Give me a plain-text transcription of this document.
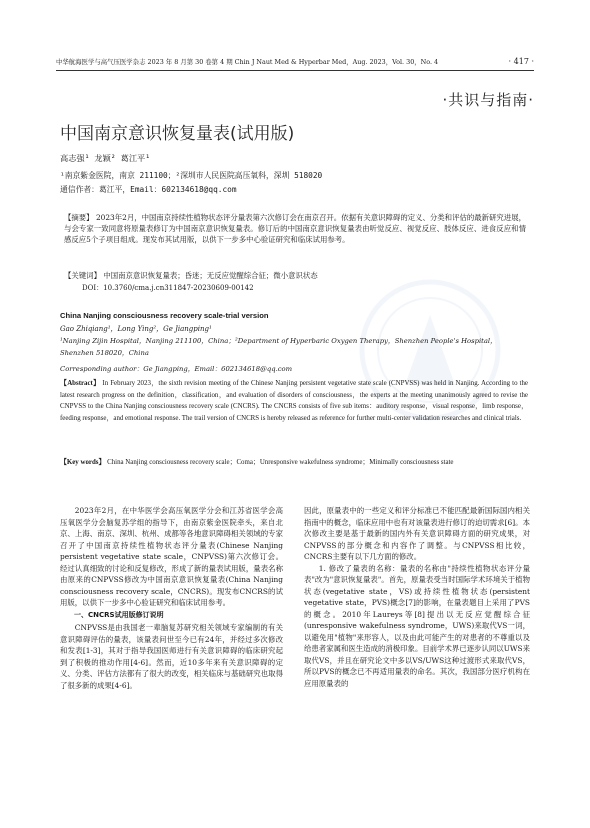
中华航海医学与高气压医学杂志 2023 年 8 月第 30 卷第 4 期 Chin J Naut Med & Hyperbar Med，Aug. 2023，Vol. 30，No. 4	· 417 ·
·共识与指南·
中国南京意识恢复量表(试用版)
高志强¹ 龙颖² 葛江平¹
¹南京紫金医院，南京 211100；²深圳市人民医院高压氧科，深圳 518020
通信作者：葛江平，Email：602134618@qq.com
【摘要】 2023年2月，中国南京持续性植物状态评分量表第六次修订会在南京召开。依据有关意识障碍的定义、分类和评估的最新研究进展，与会专家一致同意将原量表修订为中国南京意识恢复量表。修订后的中国南京意识恢复量表由听觉反应、视觉反应、肢体反应、进食反应和情感反应5个子项目组成。现发布其试用版，以供下一步多中心验证研究和临床试用参考。
【关键词】 中国南京意识恢复量表；昏迷；无反应觉醒综合征；微小意识状态
DOI：10.3760/cma.j.cn311847-20230609-00142
China Nanjing consciousness recovery scale-trial version
Gao Zhiqiang¹，Long Ying²，Ge Jiangping¹
¹Nanjing Zijin Hospital，Nanjing 211100，China；²Department of Hyperbaric Oxygen Therapy，Shenzhen People's Hospital，Shenzhen 518020，China
Corresponding author：Ge Jiangping，Email：602134618@qq.com
【Abstract】 In February 2023，the sixth revision meeting of the Chinese Nanjing persistent vegetative state scale (CNPVSS) was held in Nanjing. According to the latest research progress on the definition，classification，and evaluation of disorders of consciousness，the experts at the meeting unanimously agreed to revise the CNPVSS to the China Nanjing consciousness recovery scale (CNCRS). The CNCRS consists of five sub items：auditory response，visual response，limb response，feeding response，and emotional response. The trail version of CNCRS is hereby released as reference for further multi-center validation researches and clinical trials.
【Key words】 China Nanjing consciousness recovery scale；Coma；Unresponsive wakefulness syndrome；Minimally consciousness state

2023年2月，在中华医学会高压氧医学分会和江苏省医学会高压氧医学分会脑复苏学组的指导下，由南京紫金医院牵头，来自北京、上海、南京、深圳、杭州、成都等各地意识障碍相关领域的专家召开了中国南京持续性植物状态评分量表(Chinese Nanjing persistent vegetative state scale，CNPVSS)第六次修订会。经过认真细致的讨论和反复修改，形成了新的量表试用版，量表名称由原来的CNPVSS修改为中国南京意识恢复量表(China Nanjing consciousness recovery scale，CNCRS)。现发布CNCRS的试用版，以供下一步多中心验证研究和临床试用参考。

一、CNCRS试用版修订说明

CNPVSS是由我国老一辈脑复苏研究相关领域专家编制的有关意识障碍评估的量表，该量表问世至今已有24年，并经过多次修改和发表[1-3]，其对于指导我国医师进行有关意识障碍的临床研究起到了积极的推动作用[4-6]。然而，近10多年来有关意识障碍的定义、分类、评估方法都有了很大的改变，相关临床与基础研究也取得了很多新的成果[4-6]。

因此，原量表中的一些定义和评分标准已不能匹配最新国际国内相关指南中的概念，临床应用中也有对该量表进行修订的迫切需求[6]。本次修改主要是基于最新的国内外有关意识障碍方面的研究成果，对CNPVSS的部分概念和内容作了调整。与CNPVSS相比较，CNCRS主要有以下几方面的修改。

1. 修改了量表的名称：量表的名称由"持续性植物状态评分量表"改为"意识恢复量表"。首先，原量表受当时国际学术环境关于植物状态(vegetative state，VS)或持续性植物状态(persistent vegetative state，PVS)概念[7]的影响，在量表题目上采用了PVS的概念。2010年Laureys等[8]提出以无反应觉醒综合征(unresponsive wakefulness syndrome，UWS)来取代VS一词，以避免用"植物"来形容人，以及由此可能产生的对患者的不尊重以及给患者家属和医生造成的消极印象。目前学术界已逐步认同以UWS来取代VS，并且在研究论文中多以VS/UWS这种过渡形式来取代VS，所以PVS的概念已不再适用量表的命名。其次，我国部分医疗机构在应用原量表的
